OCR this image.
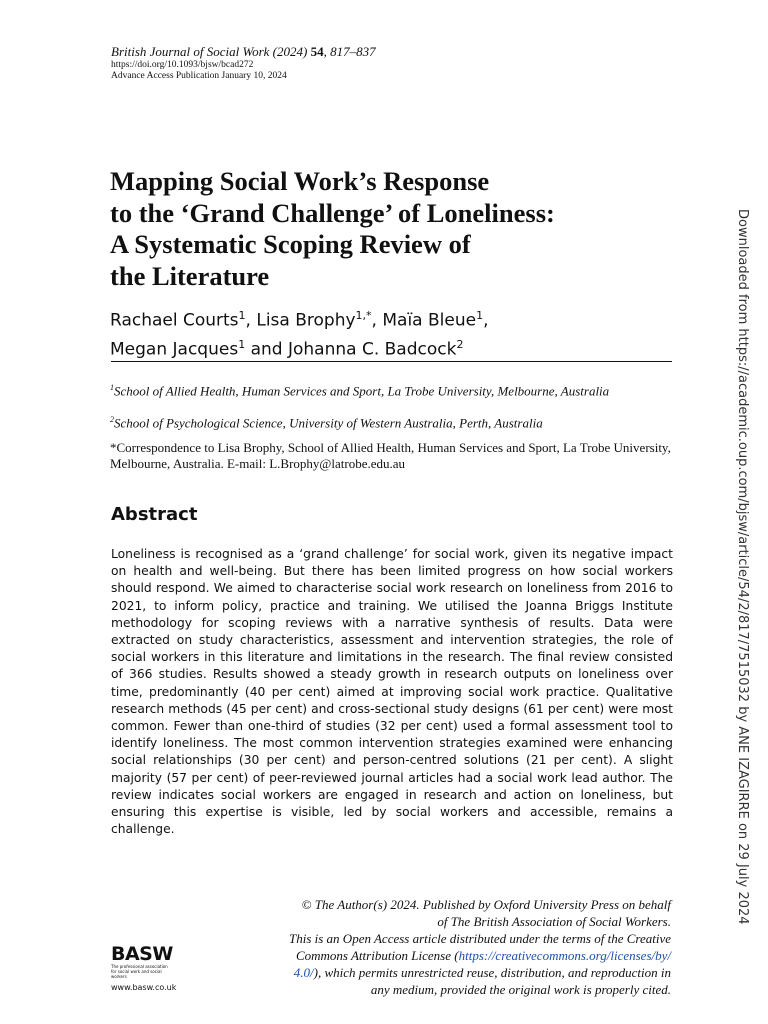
British Journal of Social Work (2024) 54, 817–837
https://doi.org/10.1093/bjsw/bcad272
Advance Access Publication January 10, 2024
Mapping Social Work’s Response
to the ‘Grand Challenge’ of Loneliness:
A Systematic Scoping Review of
the Literature
Rachael Courts$^1$, Lisa Brophy$^{1,*}$, Maïa Bleue$^1$,
Megan Jacques$^1$ and Johanna C. Badcock$^2$
$^1$School of Allied Health, Human Services and Sport, La Trobe University, Melbourne, Australia
$^2$School of Psychological Science, University of Western Australia, Perth, Australia
*Correspondence to Lisa Brophy, School of Allied Health, Human Services and Sport, La Trobe University, Melbourne, Australia. E-mail: L.Brophy@latrobe.edu.au
Abstract
Loneliness is recognised as a ‘grand challenge’ for social work, given its negative impact on health and well-being. But there has been limited progress on how social workers should respond. We aimed to characterise social work research on loneliness from 2016 to 2021, to inform policy, practice and training. We utilised the Joanna Briggs Institute methodology for scoping reviews with a narrative synthesis of results. Data were extracted on study characteristics, assessment and intervention strategies, the role of social workers in this literature and limitations in the research. The final review consisted of 366 studies. Results showed a steady growth in research outputs on loneliness over time, predominantly (40 per cent) aimed at improving social work practice. Qualitative research methods (45 per cent) and cross-sectional study designs (61 per cent) were most common. Fewer than one-third of studies (32 per cent) used a formal assessment tool to identify loneliness. The most common intervention strategies examined were enhancing social relationships (30 per cent) and person-centred solutions (21 per cent). A slight majority (57 per cent) of peer-reviewed journal articles had a social work lead author. The review indicates social workers are engaged in research and action on loneliness, but ensuring this expertise is visible, led by social workers and accessible, remains a challenge.	Downloaded from https://academic.oup.com/bjsw/article/54/2/817/7515032 by ANE IZAGIRRE on 29 July 2024
© The Author(s) 2024. Published by Oxford University Press on behalf
of The British Association of Social Workers.
This is an Open Access article distributed under the terms of the Creative
Commons Attribution License (https://creativecommons.org/licenses/by/
4.0/), which permits unrestricted reuse, distribution, and reproduction in
any medium, provided the original work is properly cited.
BASW
The professional association for social work and social workers
www.basw.co.uk
